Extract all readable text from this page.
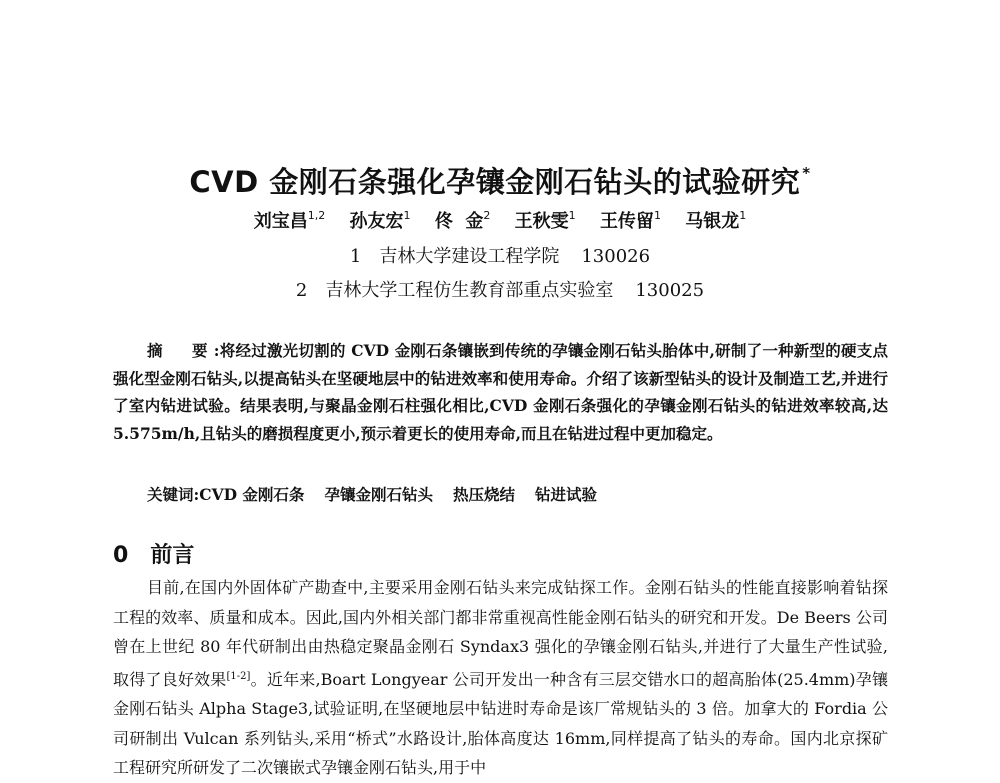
CVD 金刚石条强化孕镶金刚石钻头的试验研究 *
刘宝昌$^{1,2}$ 孙友宏$^1$ 佟  金$^2$ 王秋雯$^1$ 王传留$^1$ 马银龙$^1$
1 吉林大学建设工程学院 130026
2 吉林大学工程仿生教育部重点实验室 130025
摘  要:将经过激光切割的 CVD 金刚石条镶嵌到传统的孕镶金刚石钻头胎体中,研制了一种新型的硬支点强化型金刚石钻头,以提高钻头在坚硬地层中的钻进效率和使用寿命。介绍了该新型钻头的设计及制造工艺,并进行了室内钻进试验。结果表明,与聚晶金刚石柱强化相比,CVD 金刚石条强化的孕镶金刚石钻头的钻进效率较高,达 5.575m/h,且钻头的磨损程度更小,预示着更长的使用寿命,而且在钻进过程中更加稳定。
关键词:CVD 金刚石条 孕镶金刚石钻头 热压烧结 钻进试验
0 前言
目前,在国内外固体矿产勘查中,主要采用金刚石钻头来完成钻探工作。金刚石钻头的性能直接影响着钻探工程的效率、质量和成本。因此,国内外相关部门都非常重视高性能金刚石钻头的研究和开发。De Beers 公司曾在上世纪 80 年代研制出由热稳定聚晶金刚石 Syndax3 强化的孕镶金刚石钻头,并进行了大量生产性试验,取得了良好效果[1-2]。近年来,Boart Longyear 公司开发出一种含有三层交错水口的超高胎体(25.4mm)孕镶金刚石钻头 Alpha Stage3,试验证明,在坚硬地层中钻进时寿命是该厂常规钻头的 3 倍。加拿大的 Fordia 公司研制出 Vulcan 系列钻头,采用“桥式”水路设计,胎体高度达 16mm,同样提高了钻头的寿命。国内北京探矿工程研究所研发了二次镶嵌式孕镶金刚石钻头,用于中
